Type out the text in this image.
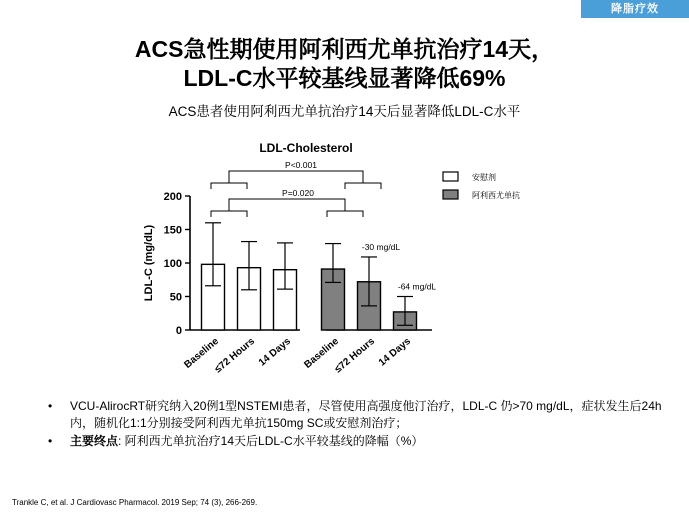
降脂疗效
ACS急性期使用阿利西尤单抗治疗14天，
LDL-C水平较基线显著降低69%
ACS患者使用阿利西尤单抗治疗14天后显著降低LDL-C水平
0
50
100
150
200
LDL-C (mg/dL)
LDL-Cholesterol
Baseline
≤72 Hours 14 Days Baseline
≤72 Hours 14 Days
-30 mg/dL
-64 mg/dL
P<0.001
P=0.020
安慰剂
阿利西尤单抗
• VCU-AlirocRT研究纳入20例1型NSTEMI患者，尽管使用高强度他汀治疗，LDL-C 仍>70 mg/dL，症状发生后24h内，随机化1:1分别接受阿利西尤单抗150mg SC或安慰剂治疗；
• 主要终点: 阿利西尤单抗治疗14天后LDL-C水平较基线的降幅（%）
Trankle C, et al. J Cardiovasc Pharmacol. 2019 Sep; 74 (3), 266-269.
